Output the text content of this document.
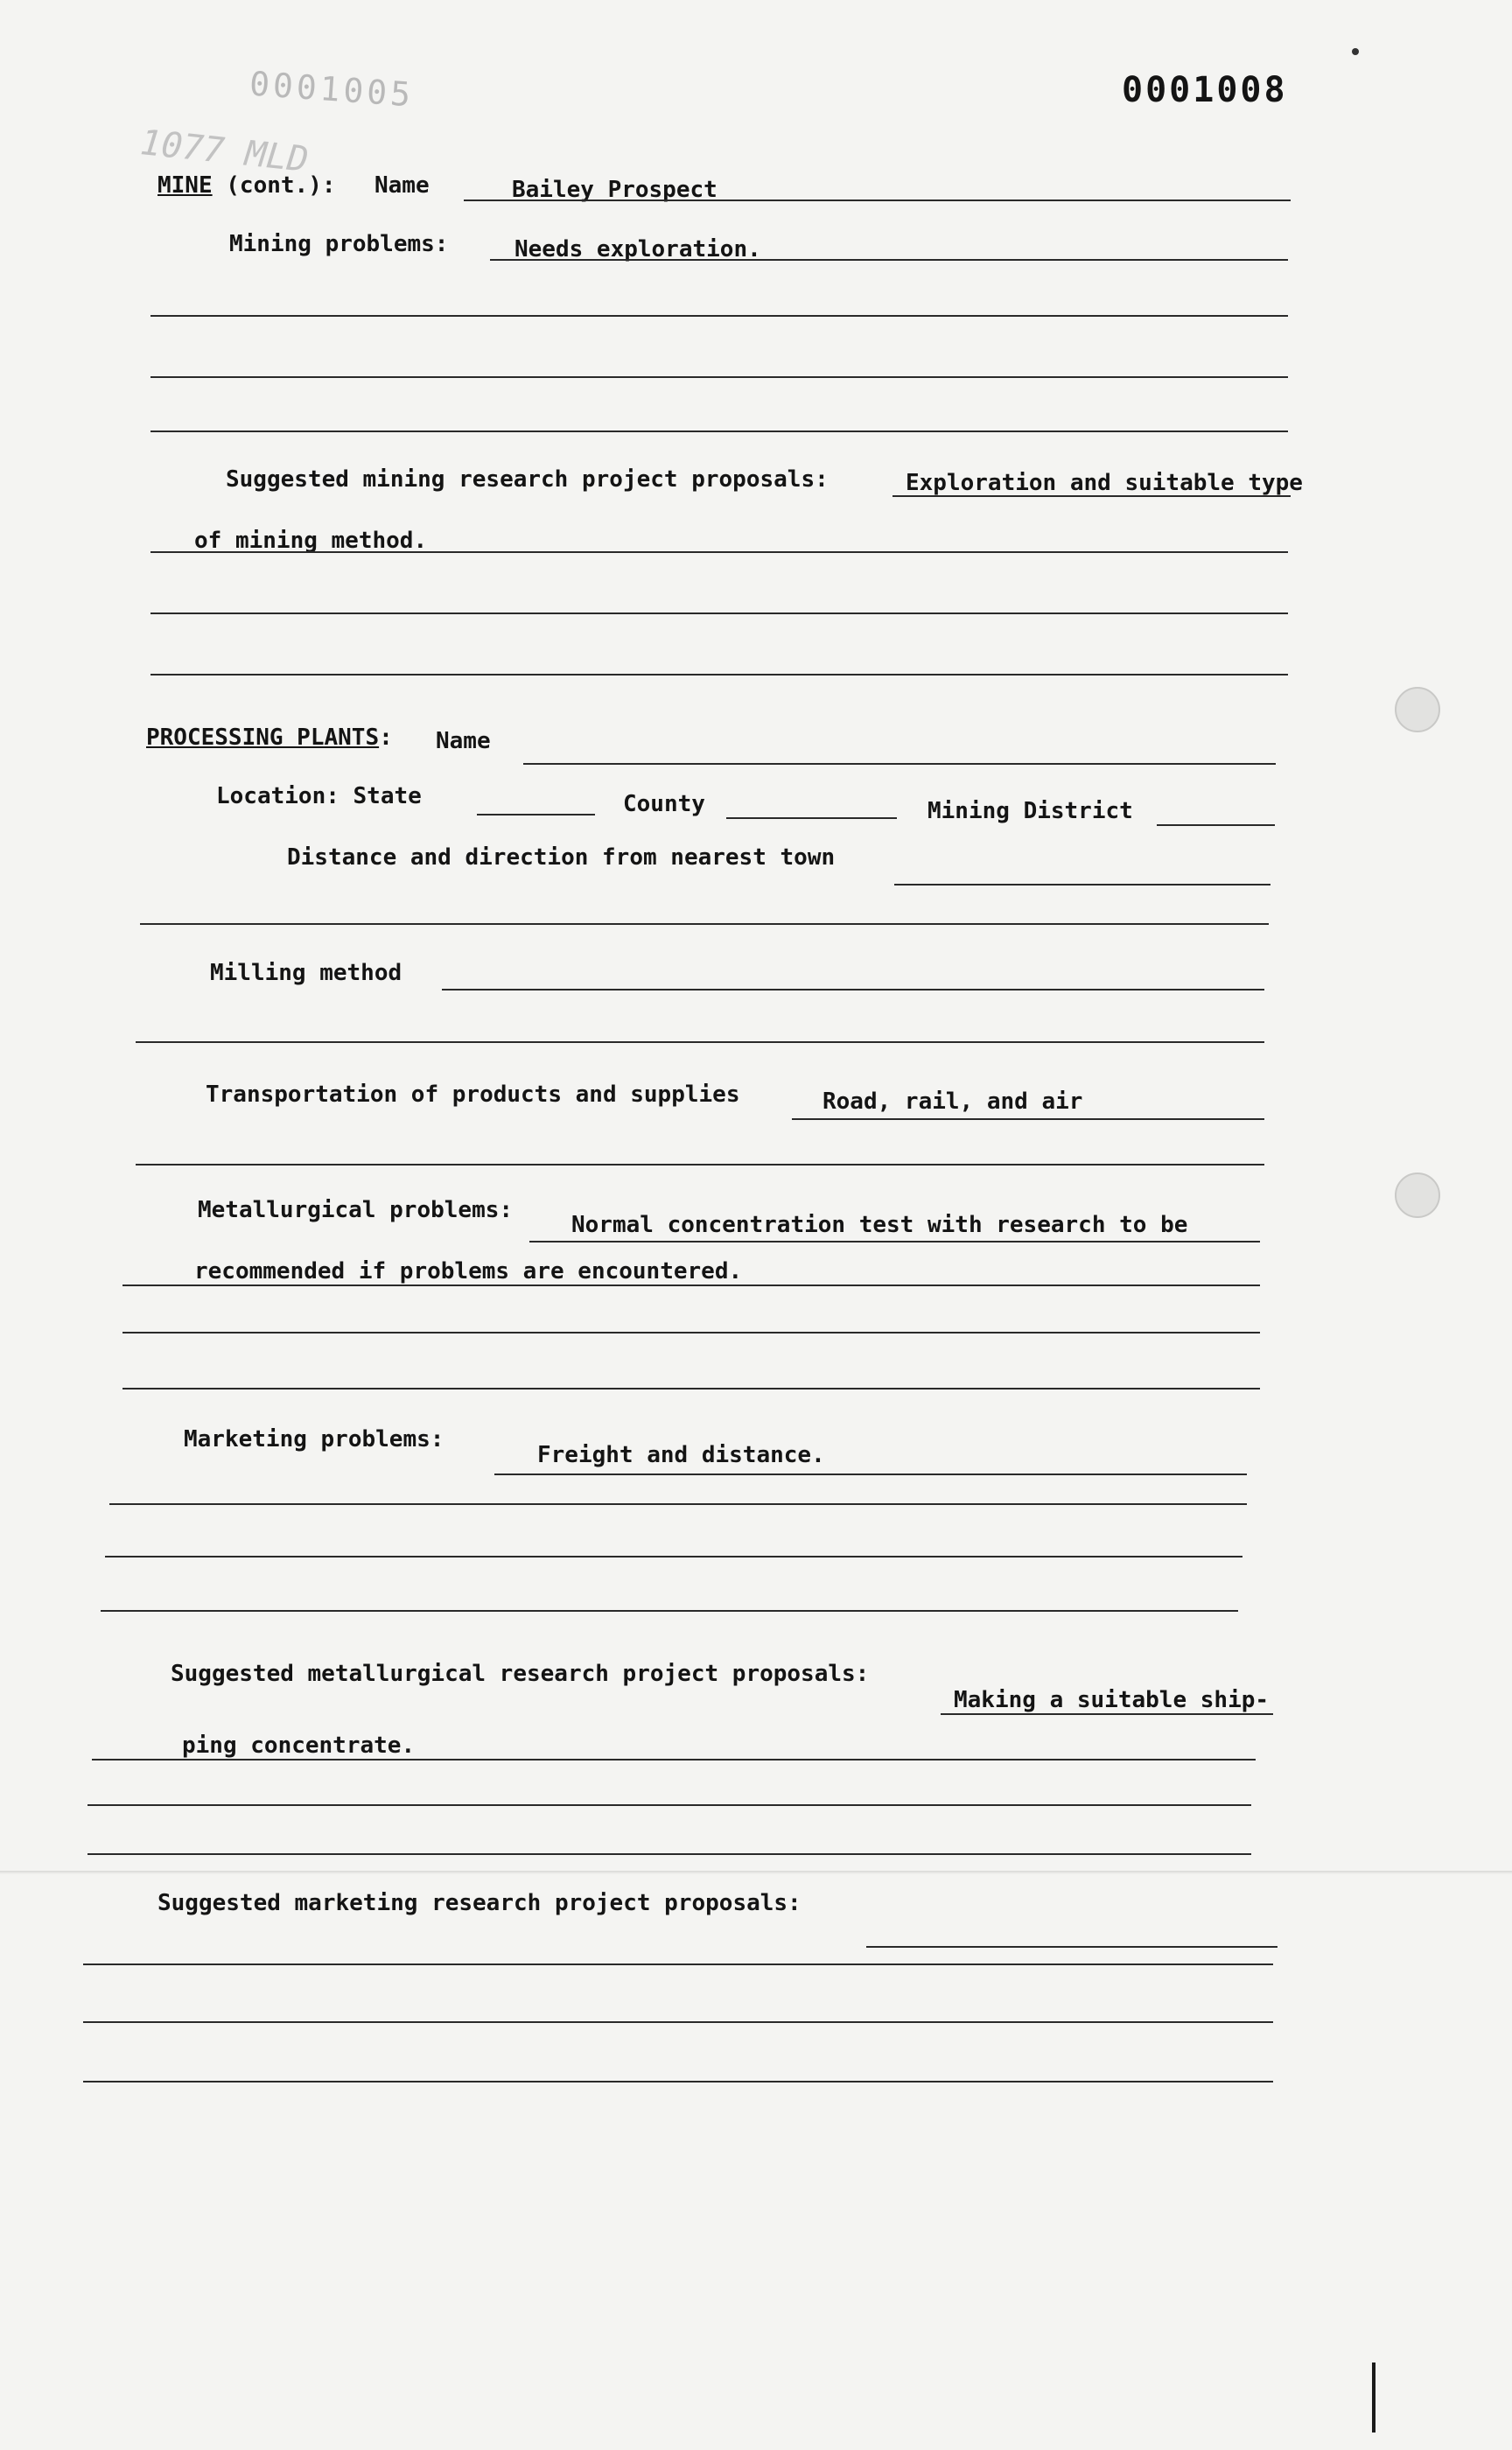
0001005
1077 MLD
0001008
MINE (cont.): Name	Bailey Prospect
Mining problems:	Needs exploration.
Suggested mining research project proposals:	Exploration and suitable type
of mining method.
PROCESSING PLANTS: Name
Location: State	County	Mining District
Distance and direction from nearest town
Milling method
Transportation of products and supplies	Road, rail, and air
Metallurgical problems:
Normal concentration test with research to be
recommended if problems are encountered.
Marketing problems:
Freight and distance.
Suggested metallurgical research project proposals:
Making a suitable ship-
ping concentrate.
Suggested marketing research project proposals:
